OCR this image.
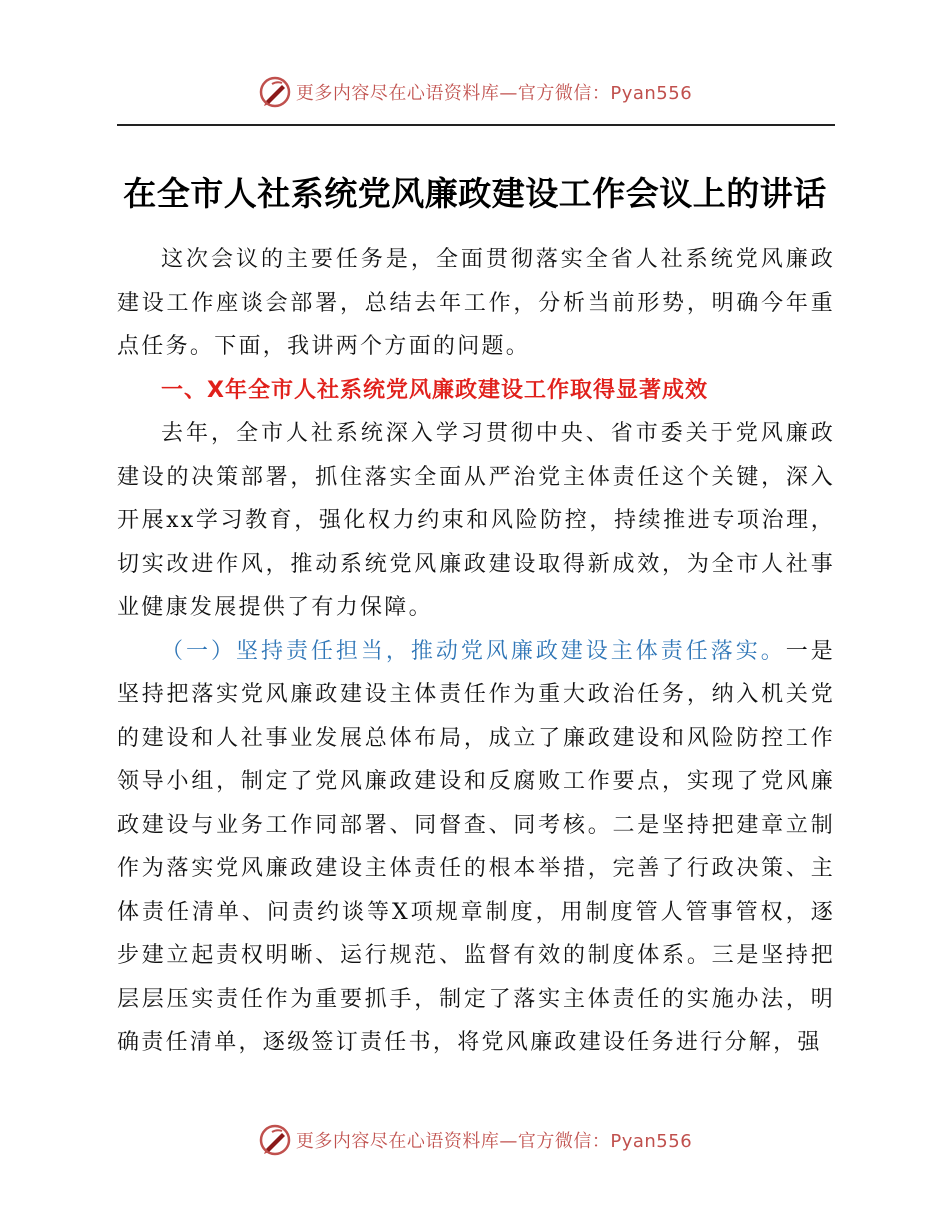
更多内容尽在心语资料库—官方微信：Pyan556
在全市人社系统党风廉政建设工作会议上的讲话

这次会议的主要任务是，全面贯彻落实全省人社系统党风廉政建设工作座谈会部署，总结去年工作，分析当前形势，明确今年重点任务。下面，我讲两个方面的问题。

一、X年全市人社系统党风廉政建设工作取得显著成效

去年，全市人社系统深入学习贯彻中央、省市委关于党风廉政建设的决策部署，抓住落实全面从严治党主体责任这个关键，深入开展xx学习教育，强化权力约束和风险防控，持续推进专项治理，切实改进作风，推动系统党风廉政建设取得新成效，为全市人社事业健康发展提供了有力保障。

（一）坚持责任担当，推动党风廉政建设主体责任落实。一是坚持把落实党风廉政建设主体责任作为重大政治任务，纳入机关党的建设和人社事业发展总体布局，成立了廉政建设和风险防控工作领导小组，制定了党风廉政建设和反腐败工作要点，实现了党风廉政建设与业务工作同部署、同督查、同考核。二是坚持把建章立制作为落实党风廉政建设主体责任的根本举措，完善了行政决策、主体责任清单、问责约谈等X项规章制度，用制度管人管事管权，逐步建立起责权明晰、运行规范、监督有效的制度体系。三是坚持把层层压实责任作为重要抓手，制定了落实主体责任的实施办法，明确责任清单，逐级签订责任书，将党风廉政建设任务进行分解，强

更多内容尽在心语资料库—官方微信：Pyan556
